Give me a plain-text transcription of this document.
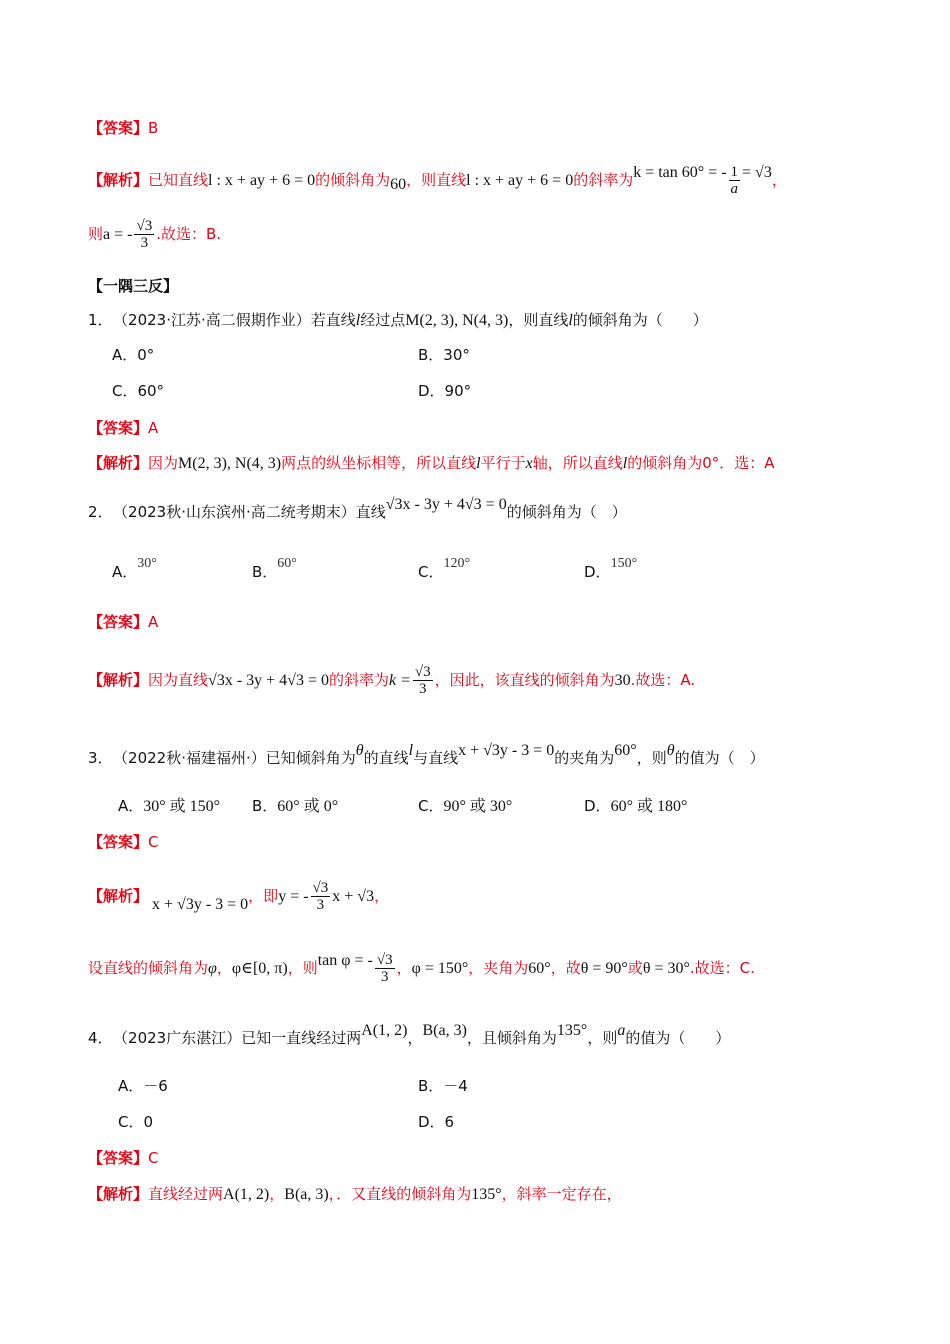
【答案】B
【解析】已知直线l : x + ay + 6 = 0的倾斜角为60，则直线l : x + ay + 6 = 0的斜率为k = tan 60° = - $\frac{1}{a} = √3$，
则a = - $\frac{√3}{3}$ .故选：B.
【一隅三反】
1． （2023·江苏·高二假期作业）若直线l经过点M(2, 3), N(4, 3)，则直线l的倾斜角为（　　）
A．0°	B．30°
C．60°	D．90°
【答案】A
【解析】因为M(2, 3), N(4, 3)两点的纵坐标相等，所以直线l平行于x轴，所以直线l的倾斜角为0°．选：A
2． （2023秋·山东滨州·高二统考期末）直线√3x - 3y + 4√3 = 0的倾斜角为（　）
A．30°	B．60°	C．120°	D．150°
【答案】A
【解析】因为直线√3x - 3y + 4√3 = 0的斜率为$k = \frac{√3}{3}$ ，因此，该直线的倾斜角为30.故选：A.
3． （2022秋·福建福州·）已知倾斜角为θ的直线l与直线x + √3y - 3 = 0的夹角为60°，则θ的值为（　）
A．30° 或 150° B．60° 或 0°	C．90° 或 30°	D．60° 或 180°
【答案】C
【解析】 x + √3y - 3 = 0，即y = - $\frac{√3}{3}$ x + √3，
设直线的倾斜角为φ，φ∈[0, π)，则tan φ = - $\frac{√3}{3}$ ，φ = 150°，夹角为60°，故θ = 90°或θ = 30°.故选：C.
4． （2023广东湛江）已知一直线经过两A(1, 2)，B(a, 3)，且倾斜角为135°，则a的值为（　　）
A．－6	B．－4
C．0	D．6
【答案】C
【解析】直线经过两A(1, 2)，B(a, 3)，．又直线的倾斜角为135°，斜率一定存在，
